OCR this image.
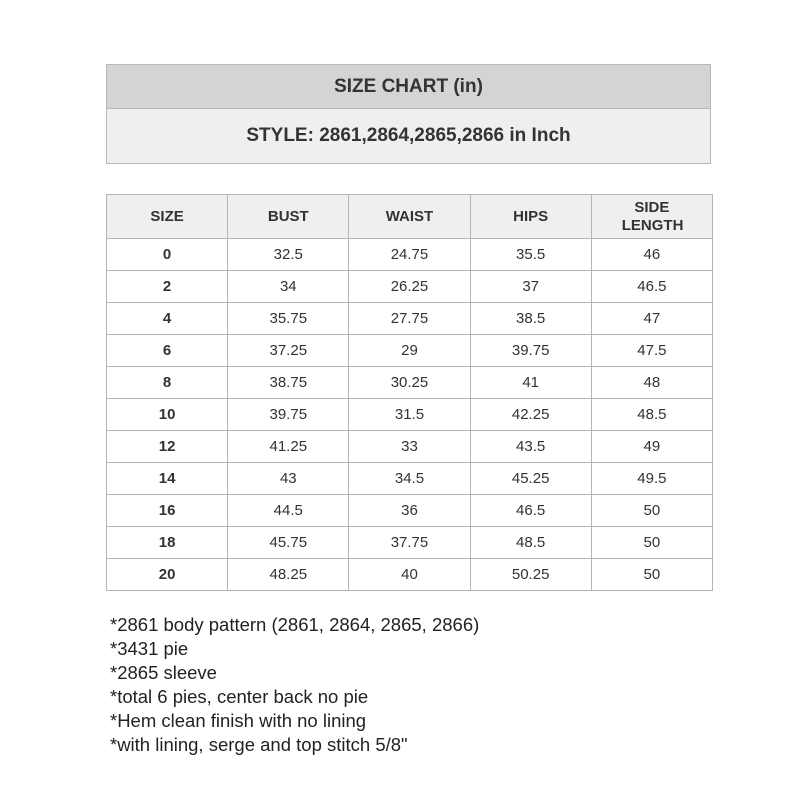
SIZE CHART (in)
STYLE: 2861,2864,2865,2866 in Inch
SIZE	BUST	WAIST	HIPS	SIDE LENGTH
0	32.5	24.75	35.5	46
2	34	26.25	37	46.5
4	35.75	27.75	38.5	47
6	37.25	29	39.75	47.5
8	38.75	30.25	41	48
10	39.75	31.5	42.25	48.5
12	41.25	33	43.5	49
14	43	34.5	45.25	49.5
16	44.5	36	46.5	50
18	45.75	37.75	48.5	50
20	48.25	40	50.25	50
*2861 body pattern (2861, 2864, 2865, 2866)
*3431 pie
*2865 sleeve
*total 6 pies, center back no pie
*Hem clean finish with no lining
*with lining, serge and top stitch 5/8"
